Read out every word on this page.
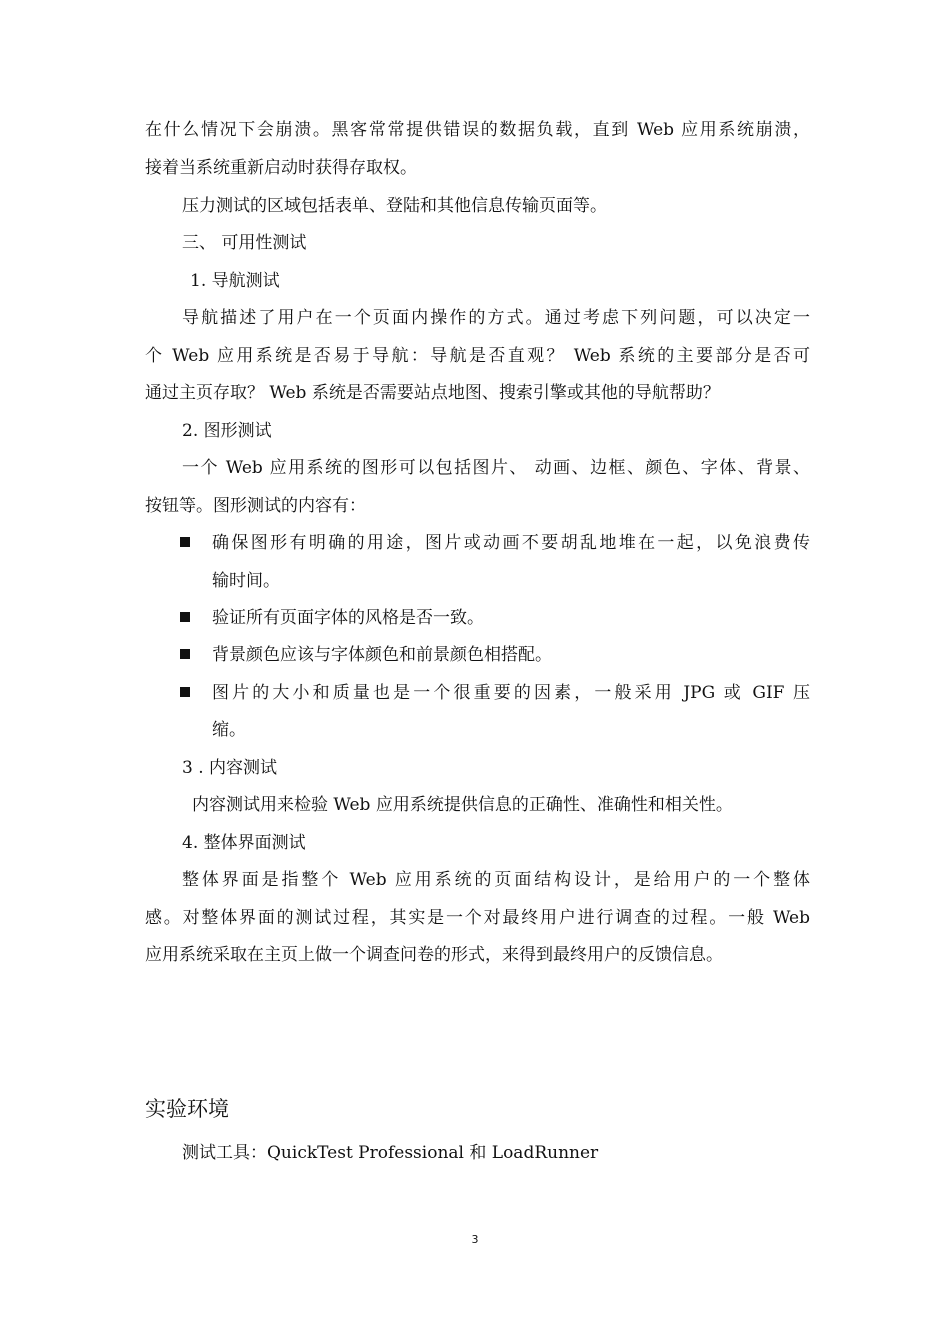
在什么情况下会崩溃。黑客常常提供错误的数据负载，直到 Web 应用系统崩溃，
接着当系统重新启动时获得存取权。
压力测试的区域包括表单、登陆和其他信息传输页面等。
三、 可用性测试
1. 导航测试
导航描述了用户在一个页面内操作的方式。通过考虑下列问题，可以决定一
个 Web 应用系统是否易于导航：导航是否直观？ Web 系统的主要部分是否可
通过主页存取？ Web 系统是否需要站点地图、搜索引擎或其他的导航帮助？
2. 图形测试
一个 Web 应用系统的图形可以包括图片、 动画、边框、颜色、字体、背景、
按钮等。图形测试的内容有：
确保图形有明确的用途，图片或动画不要胡乱地堆在一起，以免浪费传
输时间。
验证所有页面字体的风格是否一致。
背景颜色应该与字体颜色和前景颜色相搭配。
图片的大小和质量也是一个很重要的因素，一般采用 JPG 或 GIF 压
缩。
3 . 内容测试
内容测试用来检验 Web 应用系统提供信息的正确性、准确性和相关性。
4. 整体界面测试
整体界面是指整个 Web 应用系统的页面结构设计，是给用户的一个整体
感。对整体界面的测试过程，其实是一个对最终用户进行调查的过程。一般 Web
应用系统采取在主页上做一个调查问卷的形式，来得到最终用户的反馈信息。
实验环境
测试工具：QuickTest Professional 和 LoadRunner
3
